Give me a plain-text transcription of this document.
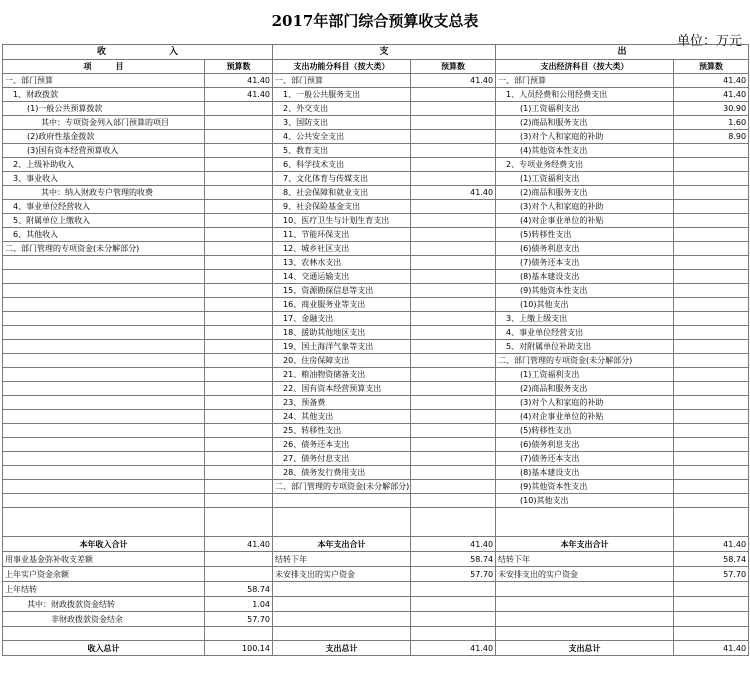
2017年部门综合预算收支总表
单位：万元
收　　　　　　　入		支		出	
项　　　目	预算数	支出功能分科目（按大类）	预算数	支出经济科目（按大类）	预算数
一、部门预算	41.40	一、部门预算	41.40	一、部门预算	41.40
1、财政拨款	41.40	1、一般公共服务支出		1、人员经费和公用经费支出	41.40
(1)一般公共预算拨款		2、外交支出		(1)工资福利支出	30.90
其中：专项资金列入部门预算的项目		3、国防支出		(2)商品和服务支出	1.60
(2)政府性基金拨款		4、公共安全支出		(3)对个人和家庭的补助	8.90
(3)国有资本经营预算收入		5、教育支出		(4)其他资本性支出	
2、上级补助收入		6、科学技术支出		2、专项业务经费支出	
3、事业收入		7、文化体育与传媒支出		(1)工资福利支出	
其中：纳入财政专户管理的收费		8、社会保障和就业支出	41.40	(2)商品和服务支出	
4、事业单位经营收入		9、社会保险基金支出		(3)对个人和家庭的补助	
5、附属单位上缴收入		10、医疗卫生与计划生育支出		(4)对企事业单位的补贴	
6、其他收入		11、节能环保支出		(5)转移性支出	
二、部门管理的专项资金(未分解部分)		12、城乡社区支出		(6)债务利息支出	
		13、农林水支出		(7)债务还本支出	
		14、交通运输支出		(8)基本建设支出	
		15、资源勘探信息等支出		(9)其他资本性支出	
		16、商业服务业等支出		(10)其他支出	
		17、金融支出		3、上缴上级支出	
		18、援助其他地区支出		4、事业单位经营支出	
		19、国土海洋气象等支出		5、对附属单位补助支出	
		20、住房保障支出		二、部门管理的专项资金(未分解部分)	
		21、粮油物资储备支出		(1)工资福利支出	
		22、国有资本经营预算支出		(2)商品和服务支出	
		23、预备费		(3)对个人和家庭的补助	
		24、其他支出		(4)对企事业单位的补贴	
		25、转移性支出		(5)转移性支出	
		26、债务还本支出		(6)债务利息支出	
		27、债务付息支出		(7)债务还本支出	
		28、债务发行费用支出		(8)基本建设支出	
		二、部门管理的专项资金(未分解部分)		(9)其他资本性支出	
				(10)其他支出	

本年收入合计	41.40	本年支出合计	41.40	本年支出合计	41.40
用事业基金弥补收支差额		结转下年	58.74	结转下年	58.74
上年实户资金余额		未安排支出的实户资金	57.70	未安排支出的实户资金	57.70
上年结转	58.74				
其中：财政拨款资金结转	1.04				
非财政拨款资金结余	57.70				

收入总计	100.14	支出总计	41.40	支出总计	41.40
